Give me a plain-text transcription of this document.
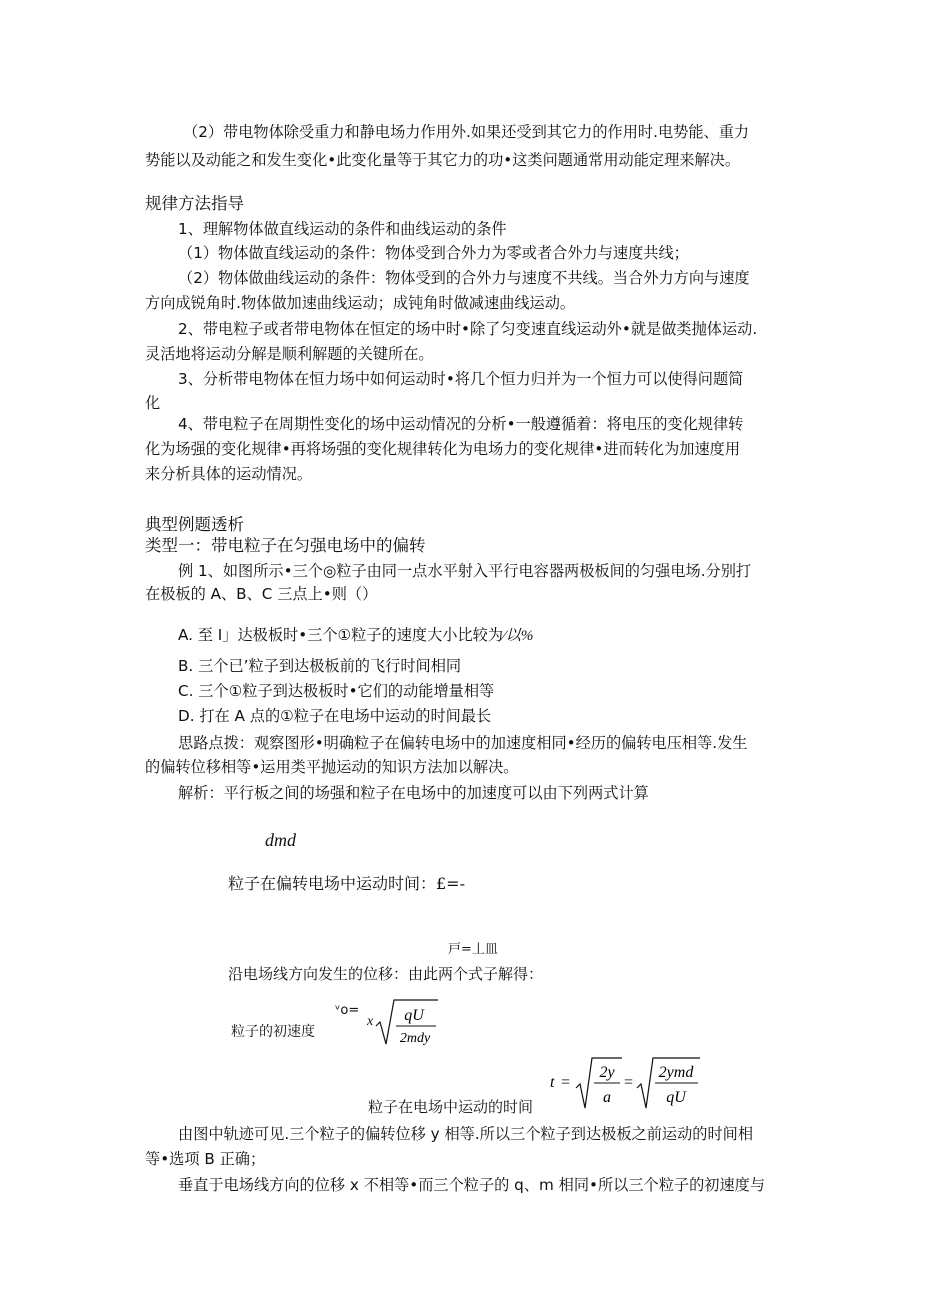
（2）带电物体除受重力和静电场力作用外.如果还受到其它力的作用时.电势能、重力
势能以及动能之和发生变化•此变化量等于其它力的功•这类问题通常用动能定理来解决。
规律方法指导
1、理解物体做直线运动的条件和曲线运动的条件
（1）物体做直线运动的条件：物体受到合外力为零或者合外力与速度共线；
（2）物体做曲线运动的条件：物体受到的合外力与速度不共线。当合外力方向与速度
方向成锐角时.物体做加速曲线运动；成钝角时做减速曲线运动。
2、带电粒子或者带电物体在恒定的场中时•除了匀变速直线运动外•就是做类抛体运动.
灵活地将运动分解是顺利解题的关键所在。
3、分析带电物体在恒力场中如何运动时•将几个恒力归并为一个恒力可以使得问题简
化
4、带电粒子在周期性变化的场中运动情况的分析•一般遵循着：将电压的变化规律转
化为场强的变化规律•再将场强的变化规律转化为电场力的变化规律•进而转化为加速度用
来分析具体的运动情况。
典型例题透析
类型一：带电粒子在匀强电场中的偏转
例 1、如图所示•三个◎粒子由同一点水平射入平行电容器两极板间的匀强电场.分别打
在极板的 A、B、C 三点上•则（）
A. 至 I」达极板时•三个①粒子的速度大小比较为⁄以%
B. 三个已’粒子到达极板前的飞行时间相同
C. 三个①粒子到达极板时•它们的动能增量相等
D. 打在 A 点的①粒子在电场中运动的时间最长
思路点拨：观察图形•明确粒子在偏转电场中的加速度相同•经历的偏转电压相等.发生
的偏转位移相等•运用类平抛运动的知识方法加以解决。
解析：平行板之间的场强和粒子在电场中的加速度可以由下列两式计算
dmd
粒子在偏转电场中运动时间：£=-
戸=丄皿
沿电场线方向发生的位移：由此两个式子解得：
ᵛo=
粒子的初速度
x qU
2mdy
t =
2y
a
=
2ymd
qU
粒子在电场中运动的时间
由图中轨迹可见.三个粒子的偏转位移 y 相等.所以三个粒子到达极板之前运动的时间相
等•选项 B 正确；
垂直于电场线方向的位移 x 不相等•而三个粒子的 q、m 相同•所以三个粒子的初速度与
